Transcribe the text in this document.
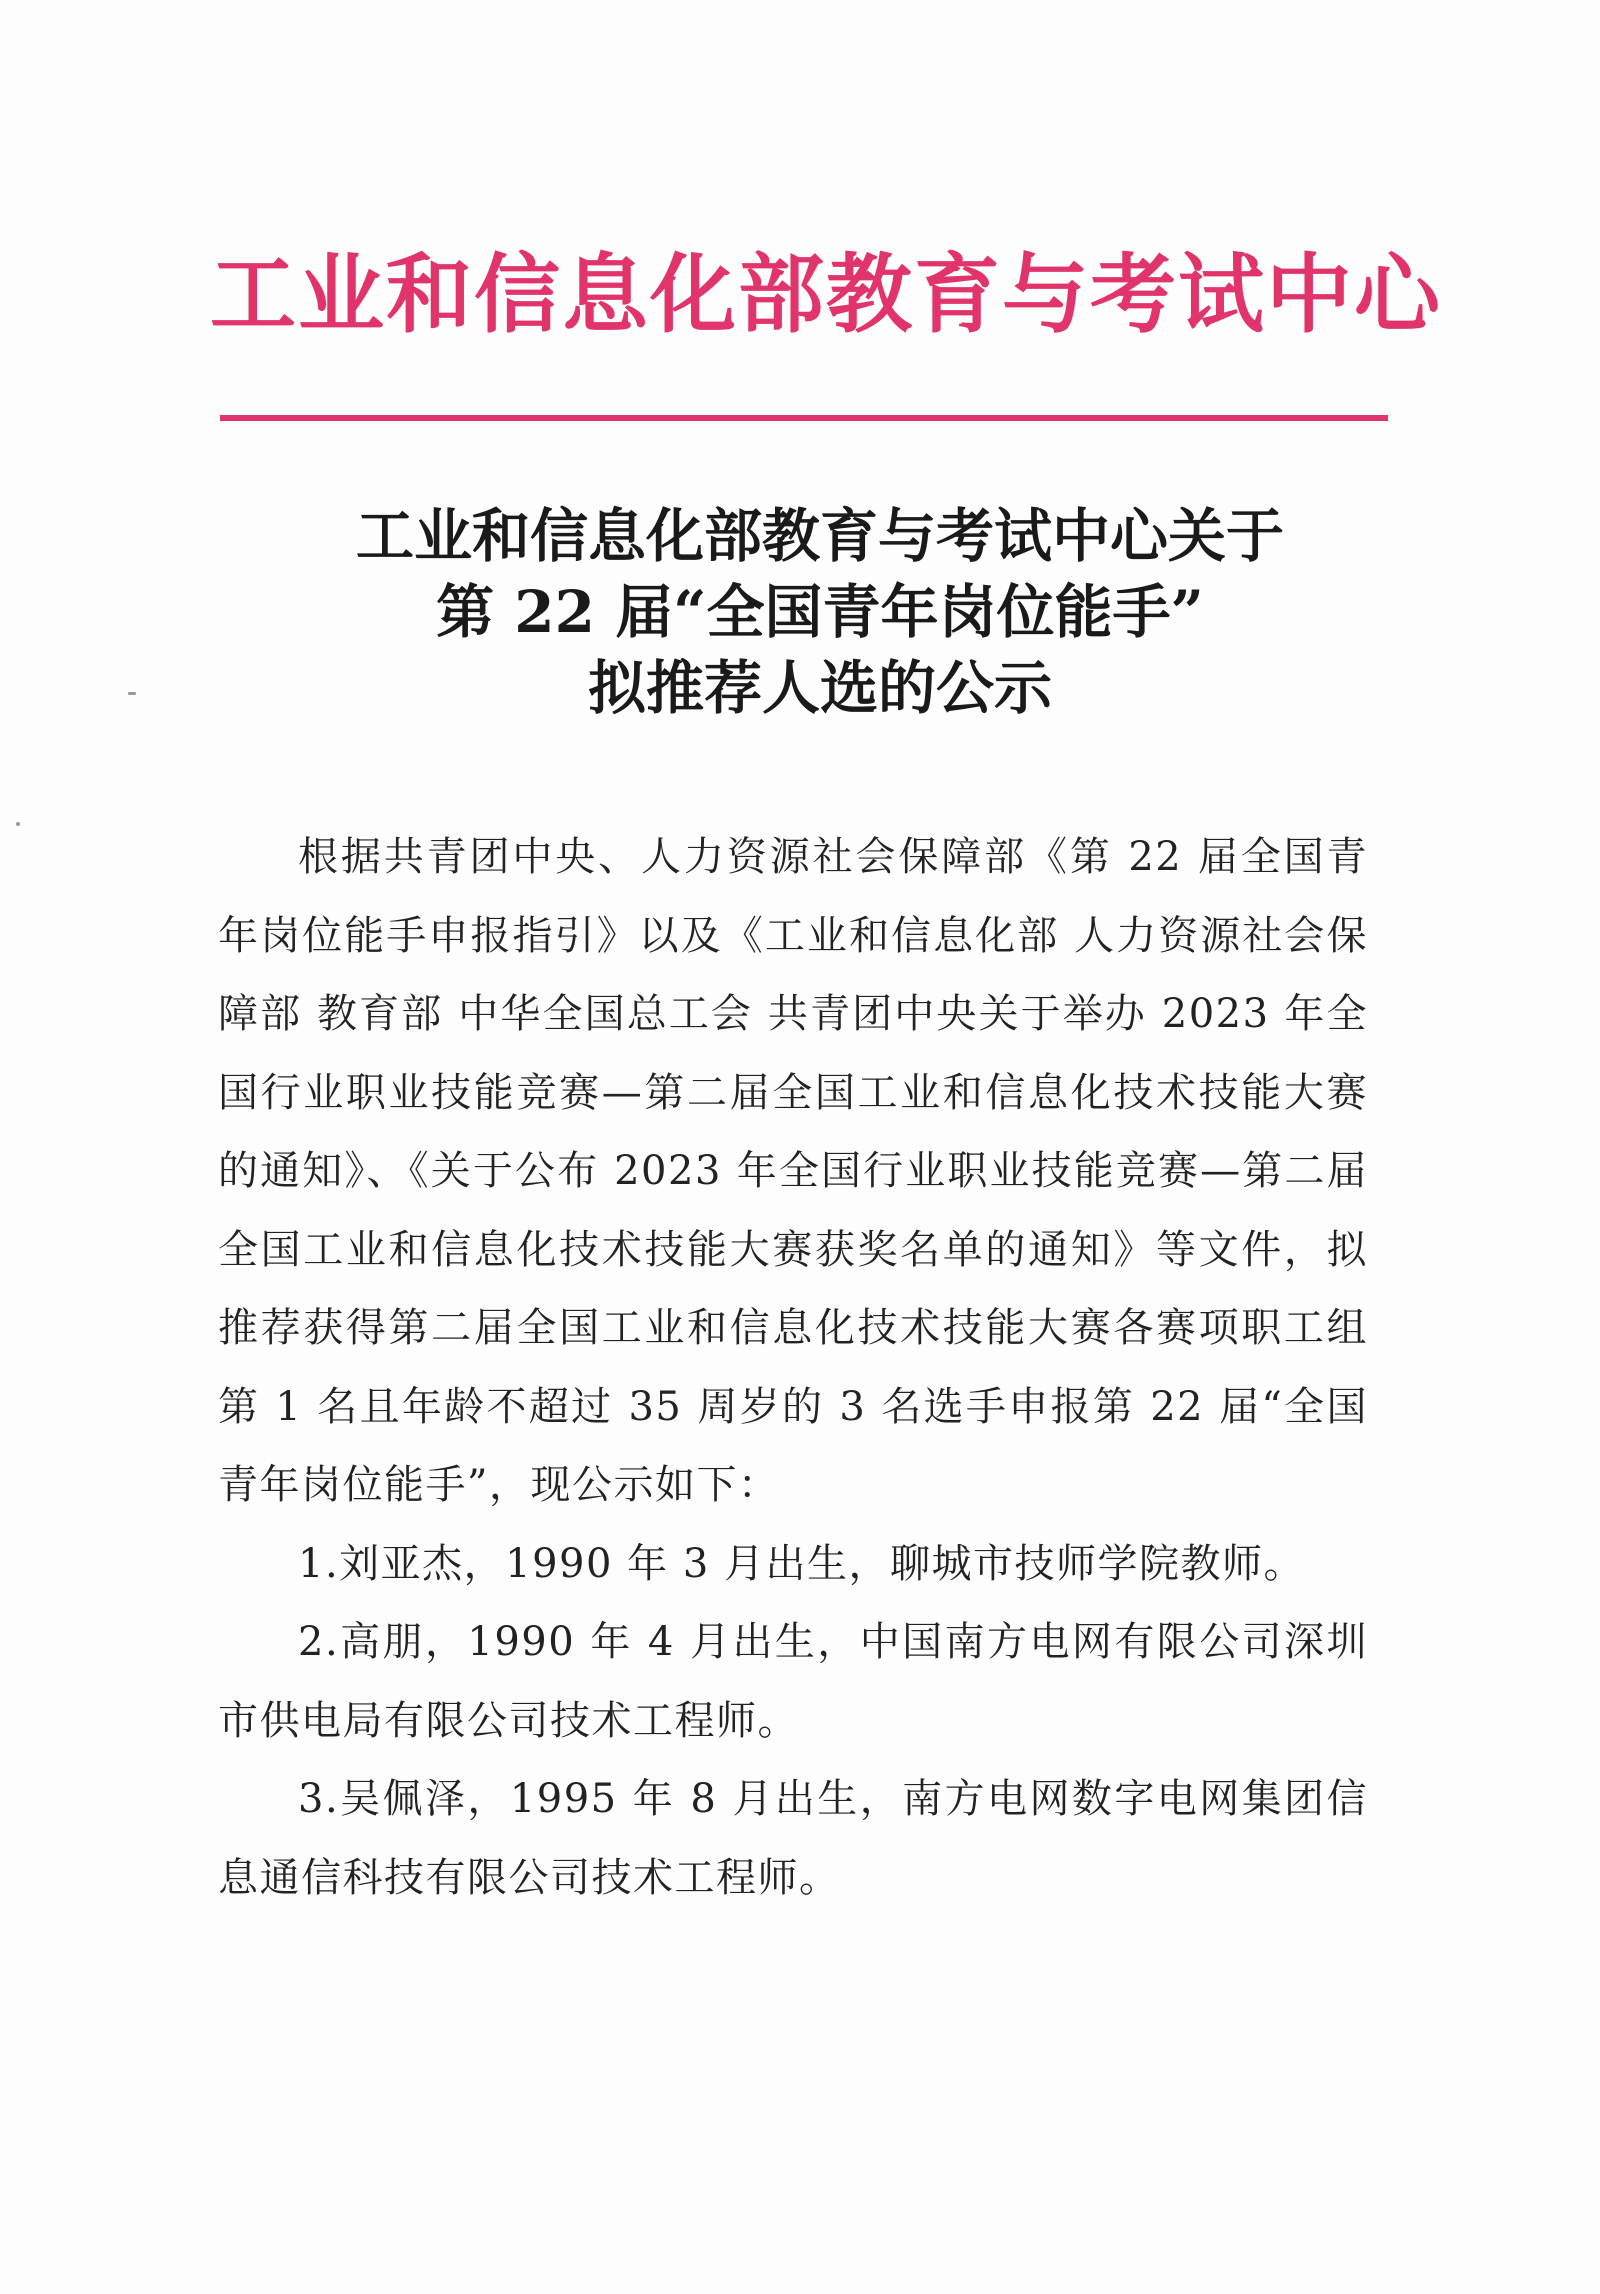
工业和信息化部教育与考试中心
工业和信息化部教育与考试中心关于
第 22 届“全国青年岗位能手”
拟推荐人选的公示

根据共青团中央、人力资源社会保障部《第 22 届全国青年岗位能手申报指引》以及《工业和信息化部 人力资源社会保障部 教育部 中华全国总工会 共青团中央关于举办 2023 年全国行业职业技能竞赛—第二届全国工业和信息化技术技能大赛的通知》、《关于公布 2023 年全国行业职业技能竞赛—第二届全国工业和信息化技术技能大赛获奖名单的通知》等文件，拟推荐获得第二届全国工业和信息化技术技能大赛各赛项职工组第 1 名且年龄不超过 35 周岁的 3 名选手申报第 22 届“全国青年岗位能手”，现公示如下：

1.刘亚杰，1990 年 3 月出生，聊城市技师学院教师。

2.高朋，1990 年 4 月出生，中国南方电网有限公司深圳市供电局有限公司技术工程师。

3.吴佩泽，1995 年 8 月出生，南方电网数字电网集团信息通信科技有限公司技术工程师。
